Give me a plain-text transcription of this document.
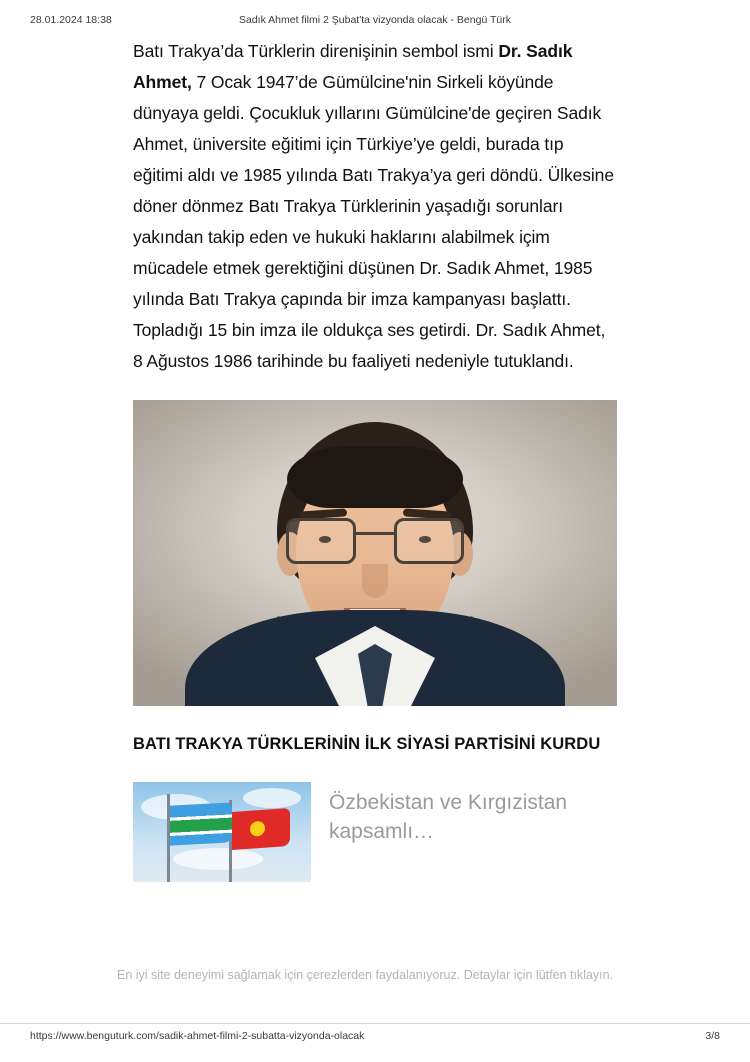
28.01.2024 18:38	Sadık Ahmet filmi 2 Şubat'ta vizyonda olacak - Bengü Türk

Batı Trakya’da Türklerin direnişinin sembol ismi Dr. Sadık Ahmet, 7 Ocak 1947’de Gümülcine'nin Sirkeli köyünde dünyaya geldi. Çocukluk yıllarını Gümülcine'de geçiren Sadık Ahmet, üniversite eğitimi için Türkiye’ye geldi, burada tıp eğitimi aldı ve 1985 yılında Batı Trakya’ya geri döndü. Ülkesine döner dönmez Batı Trakya Türklerinin yaşadığı sorunları yakından takip eden ve hukuki haklarını alabilmek içim mücadele etmek gerektiğini düşünen Dr. Sadık Ahmet, 1985 yılında Batı Trakya çapında bir imza kampanyası başlattı. Topladığı 15 bin imza ile oldukça ses getirdi. Dr. Sadık Ahmet, 8 Ağustos 1986 tarihinde bu faaliyeti nedeniyle tutuklandı.

BATI TRAKYA TÜRKLERİNİN İLK SİYASİ PARTİSİNİ KURDU
Özbekistan ve Kırgızistan kapsamlı…
En iyi site deneyimi sağlamak için çerezlerden faydalanıyoruz. Detaylar için lütfen tıklayın.
https://www.benguturk.com/sadik-ahmet-filmi-2-subatta-vizyonda-olacak	3/8
